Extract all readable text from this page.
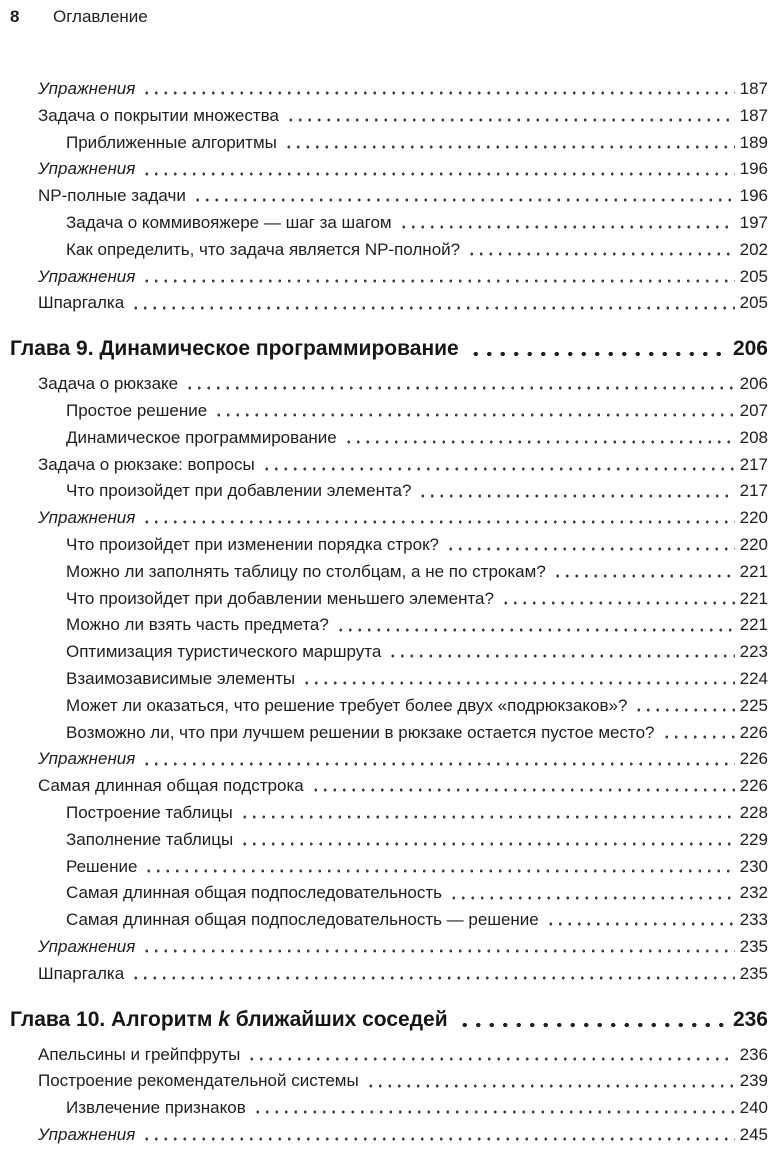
8 Оглавление
Упражнения	187
Задача о покрытии множества	187
Приближенные алгоритмы	189
Упражнения	196
NP-полные задачи	196
Задача о коммивояжере — шаг за шагом	197
Как определить, что задача является NP-полной?	202
Упражнения	205
Шпаргалка	205
Глава 9. Динамическое программирование	206
Задача о рюкзаке	206
Простое решение	207
Динамическое программирование	208
Задача о рюкзаке: вопросы	217
Что произойдет при добавлении элемента?	217
Упражнения	220
Что произойдет при изменении порядка строк?	220
Можно ли заполнять таблицу по столбцам, а не по строкам?	221
Что произойдет при добавлении меньшего элемента?	221
Можно ли взять часть предмета?	221
Оптимизация туристического маршрута	223
Взаимозависимые элементы	224
Может ли оказаться, что решение требует более двух «подрюкзаков»?	225
Возможно ли, что при лучшем решении в рюкзаке остается пустое место?	226
Упражнения	226
Самая длинная общая подстрока	226
Построение таблицы	228
Заполнение таблицы	229
Решение	230
Самая длинная общая подпоследовательность	232
Самая длинная общая подпоследовательность — решение	233
Упражнения	235
Шпаргалка	235
Глава 10. Алгоритм k ближайших соседей	236
Апельсины и грейпфруты	236
Построение рекомендательной системы	239
Извлечение признаков	240
Упражнения	245
